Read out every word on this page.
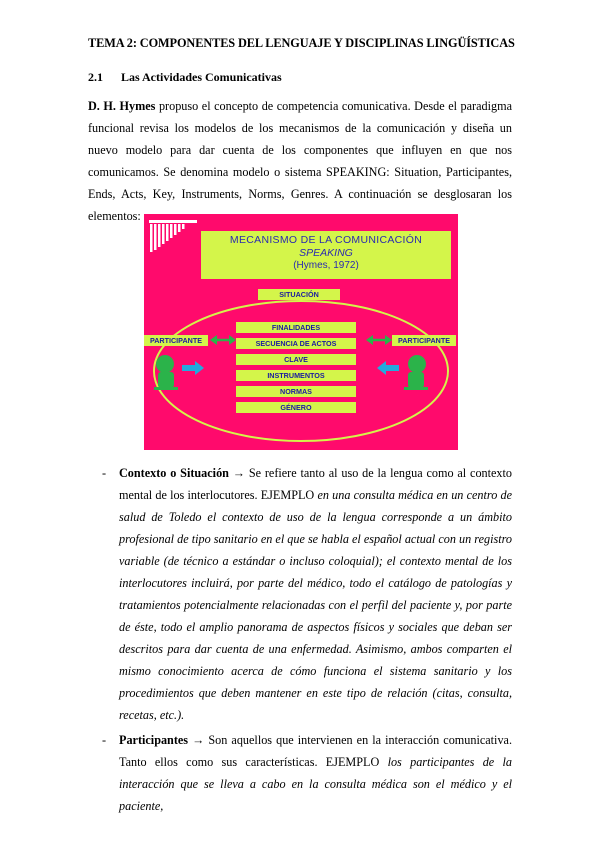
TEMA 2: COMPONENTES DEL LENGUAJE Y DISCIPLINAS LINGÜÍSTICAS
2.1 Las Actividades Comunicativas
D. H. Hymes propuso el concepto de competencia comunicativa. Desde el paradigma funcional revisa los modelos de los mecanismos de la comunicación y diseña un nuevo modelo para dar cuenta de los componentes que influyen en que nos comunicamos. Se denomina modelo o sistema SPEAKING: Situation, Participantes, Ends, Acts, Key, Instruments, Norms, Genres. A continuación se desglosaran los elementos:
MECANISMO DE LA COMUNICACIÓN
SPEAKING
(Hymes, 1972)
SITUACIÓN
PARTICIPANTE	PARTICIPANTE
FINALIDADES
SECUENCIA DE ACTOS
CLAVE
INSTRUMENTOS
NORMAS
GÉNERO
- Contexto o Situación → Se refiere tanto al uso de la lengua como al contexto mental de los interlocutores. EJEMPLO en una consulta médica en un centro de salud de Toledo el contexto de uso de la lengua corresponde a un ámbito profesional de tipo sanitario en el que se habla el español actual con un registro variable (de técnico a estándar o incluso coloquial); el contexto mental de los interlocutores incluirá, por parte del médico, todo el catálogo de patologías y tratamientos potencialmente relacionadas con el perfil del paciente y, por parte de éste, todo el amplio panorama de aspectos físicos y sociales que deban ser descritos para dar cuenta de una enfermedad. Asimismo, ambos comparten el mismo conocimiento acerca de cómo funciona el sistema sanitario y los procedimientos que deben mantener en este tipo de relación (citas, consulta, recetas, etc.).
- Participantes → Son aquellos que intervienen en la interacción comunicativa. Tanto ellos como sus características. EJEMPLO los participantes de la interacción que se lleva a cabo en la consulta médica son el médico y el paciente,
